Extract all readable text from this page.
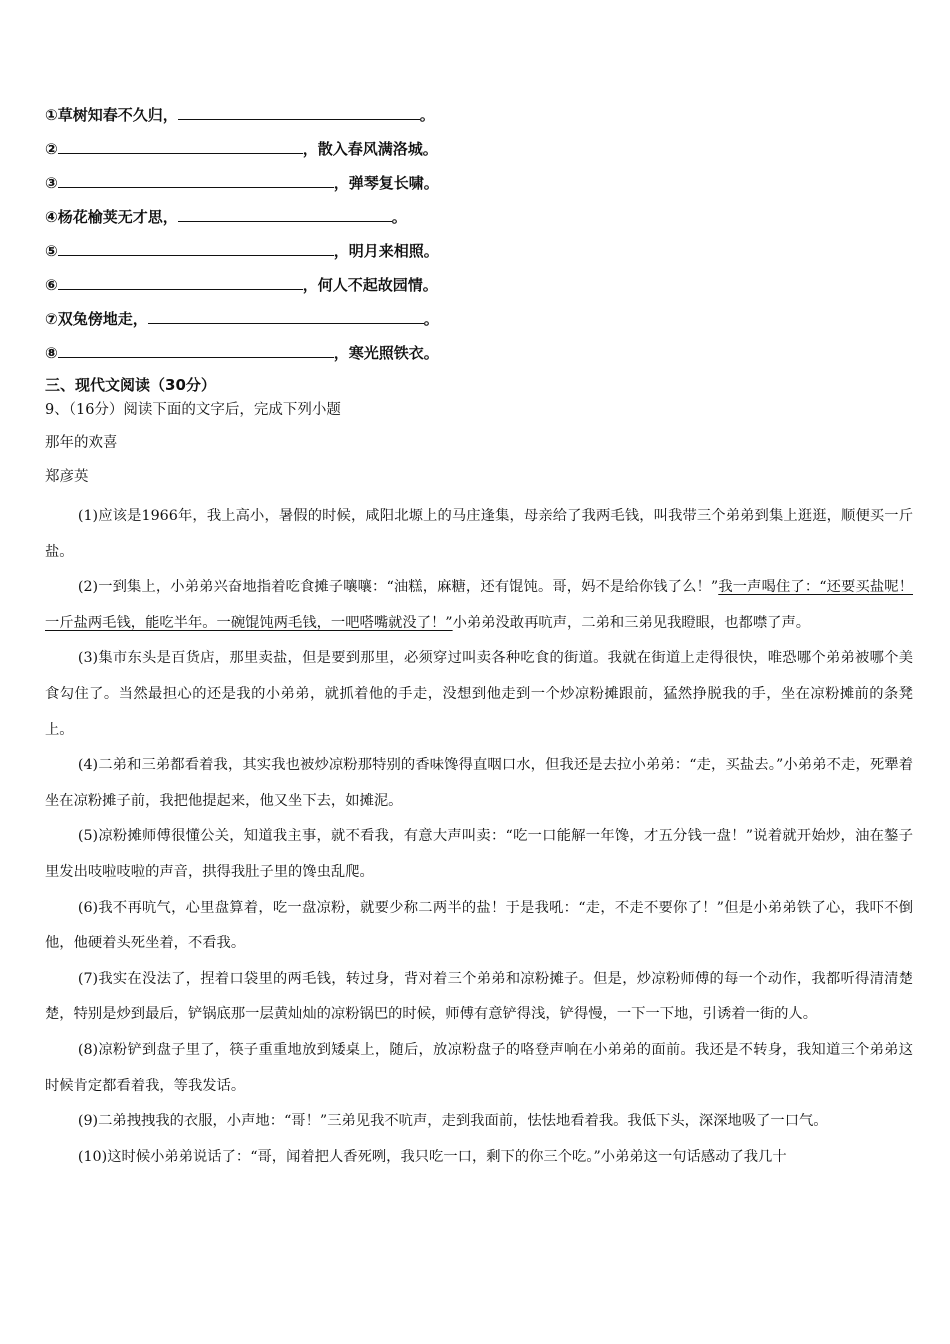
①草树知春不久归，	。
②	，散入春风满洛城。
③	，弹琴复长啸。
④杨花榆荚无才思，	。
⑤	，明月来相照。
⑥	，何人不起故园情。
⑦双兔傍地走，	。
⑧	，寒光照铁衣。
三、现代文阅读（30分）
9、（16分）阅读下面的文字后，完成下列小题
那年的欢喜
郑彦英

(1)应该是1966年，我上高小，暑假的时候，咸阳北塬上的马庄逢集，母亲给了我两毛钱，叫我带三个弟弟到集上逛逛，顺便买一斤盐。

(2)一到集上，小弟弟兴奋地指着吃食摊子嚷嚷：“油糕，麻糖，还有馄饨。哥，妈不是给你钱了么！”我一声喝住了：“还要买盐呢！一斤盐两毛钱，能吃半年。一碗馄饨两毛钱，一吧嗒嘴就没了！”小弟弟没敢再吭声，二弟和三弟见我瞪眼，也都噤了声。

(3)集市东头是百货店，那里卖盐，但是要到那里，必须穿过叫卖各种吃食的街道。我就在街道上走得很快，唯恐哪个弟弟被哪个美食勾住了。当然最担心的还是我的小弟弟，就抓着他的手走，没想到他走到一个炒凉粉摊跟前，猛然挣脱我的手，坐在凉粉摊前的条凳上。

(4)二弟和三弟都看着我，其实我也被炒凉粉那特别的香味馋得直咽口水，但我还是去拉小弟弟：“走，买盐去。”小弟弟不走，死犟着坐在凉粉摊子前，我把他提起来，他又坐下去，如摊泥。

(5)凉粉摊师傅很懂公关，知道我主事，就不看我，有意大声叫卖：“吃一口能解一年馋，才五分钱一盘！”说着就开始炒，油在鏊子里发出吱啦吱啦的声音，拱得我肚子里的馋虫乱爬。

(6)我不再吭气，心里盘算着，吃一盘凉粉，就要少称二两半的盐！于是我吼：“走，不走不要你了！”但是小弟弟铁了心，我吓不倒他，他硬着头死坐着，不看我。

(7)我实在没法了，捏着口袋里的两毛钱，转过身，背对着三个弟弟和凉粉摊子。但是，炒凉粉师傅的每一个动作，我都听得清清楚楚，特别是炒到最后，铲锅底那一层黄灿灿的凉粉锅巴的时候，师傅有意铲得浅，铲得慢，一下一下地，引诱着一街的人。

(8)凉粉铲到盘子里了，筷子重重地放到矮桌上，随后，放凉粉盘子的咯登声响在小弟弟的面前。我还是不转身，我知道三个弟弟这时候肯定都看着我，等我发话。

(9)二弟拽拽我的衣服，小声地：“哥！”三弟见我不吭声，走到我面前，怯怯地看着我。我低下头，深深地吸了一口气。

(10)这时候小弟弟说话了：“哥，闻着把人香死咧，我只吃一口，剩下的你三个吃。”小弟弟这一句话感动了我几十
